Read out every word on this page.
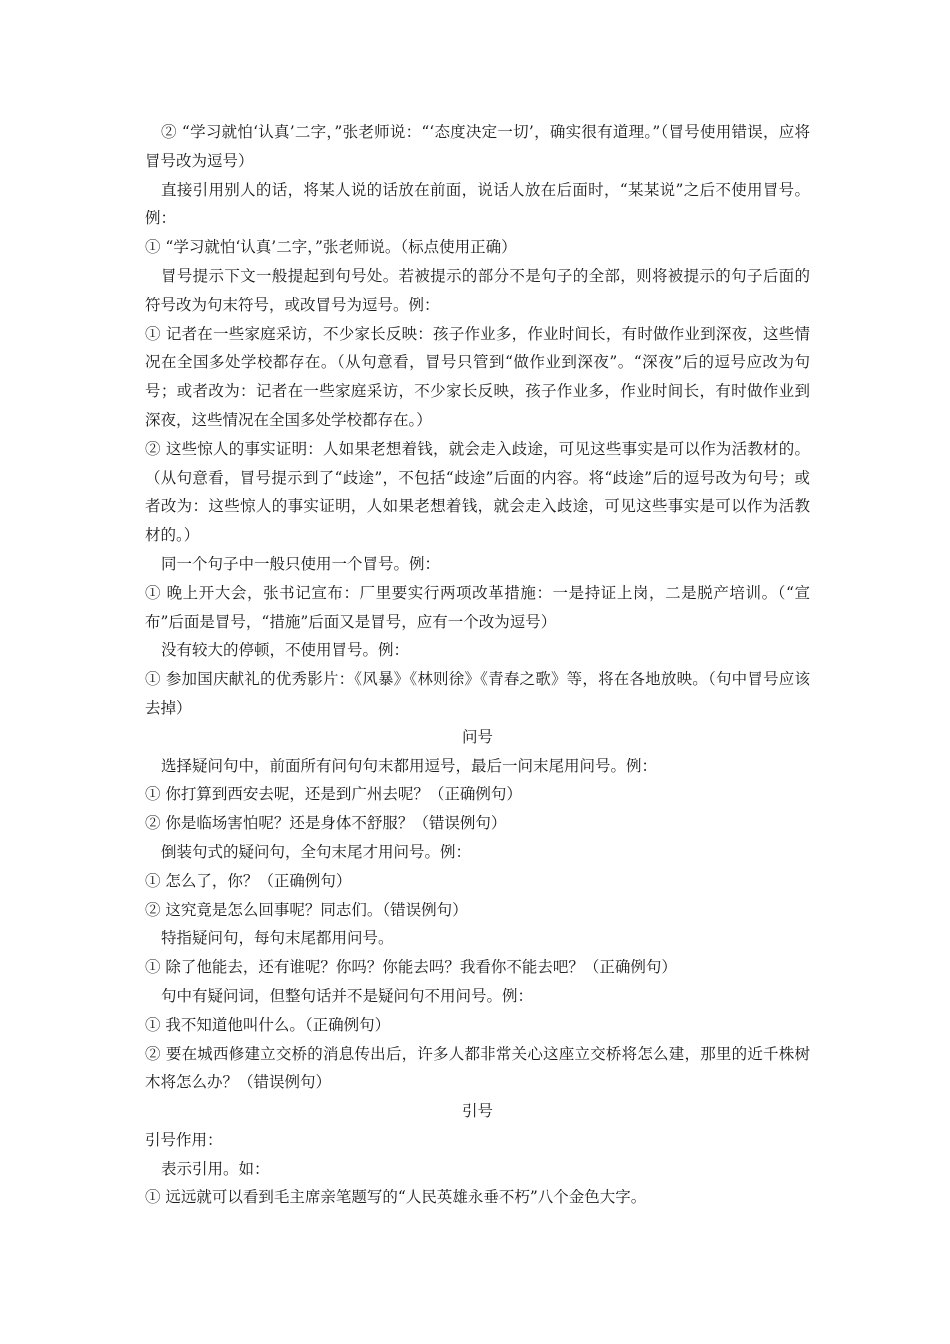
② “学习就怕‘认真’二字，”张老师说：“‘态度决定一切’，确实很有道理。”（冒号使用错误，应将冒号改为逗号）

直接引用别人的话，将某人说的话放在前面，说话人放在后面时，“某某说”之后不使用冒号。例：

① “学习就怕‘认真’二字，”张老师说。（标点使用正确）

冒号提示下文一般提起到句号处。若被提示的部分不是句子的全部，则将被提示的句子后面的符号改为句末符号，或改冒号为逗号。例：

① 记者在一些家庭采访，不少家长反映：孩子作业多，作业时间长，有时做作业到深夜，这些情况在全国多处学校都存在。（从句意看，冒号只管到“做作业到深夜”。“深夜”后的逗号应改为句号；或者改为：记者在一些家庭采访，不少家长反映，孩子作业多，作业时间长，有时做作业到深夜，这些情况在全国多处学校都存在。）

② 这些惊人的事实证明：人如果老想着钱，就会走入歧途，可见这些事实是可以作为活教材的。（从句意看，冒号提示到了“歧途”，不包括“歧途”后面的内容。将“歧途”后的逗号改为句号；或者改为：这些惊人的事实证明，人如果老想着钱，就会走入歧途，可见这些事实是可以作为活教材的。）

同一个句子中一般只使用一个冒号。例：

① 晚上开大会，张书记宣布：厂里要实行两项改革措施：一是持证上岗，二是脱产培训。（“宣布”后面是冒号，“措施”后面又是冒号，应有一个改为逗号）

没有较大的停顿，不使用冒号。例：

① 参加国庆献礼的优秀影片：《风暴》《林则徐》《青春之歌》等，将在各地放映。（句中冒号应该去掉）

问号

选择疑问句中，前面所有问句句末都用逗号，最后一问末尾用问号。例：

① 你打算到西安去呢，还是到广州去呢？（正确例句）

② 你是临场害怕呢？还是身体不舒服？（错误例句）

倒装句式的疑问句，全句末尾才用问号。例：

① 怎么了，你？（正确例句）

② 这究竟是怎么回事呢？同志们。（错误例句）

特指疑问句，每句末尾都用问号。

① 除了他能去，还有谁呢？你吗？你能去吗？我看你不能去吧？（正确例句）

句中有疑问词，但整句话并不是疑问句不用问号。例：

① 我不知道他叫什么。（正确例句）

② 要在城西修建立交桥的消息传出后，许多人都非常关心这座立交桥将怎么建，那里的近千株树木将怎么办？（错误例句）

引号

引号作用：

表示引用。如：

① 远远就可以看到毛主席亲笔题写的“人民英雄永垂不朽”八个金色大字。
